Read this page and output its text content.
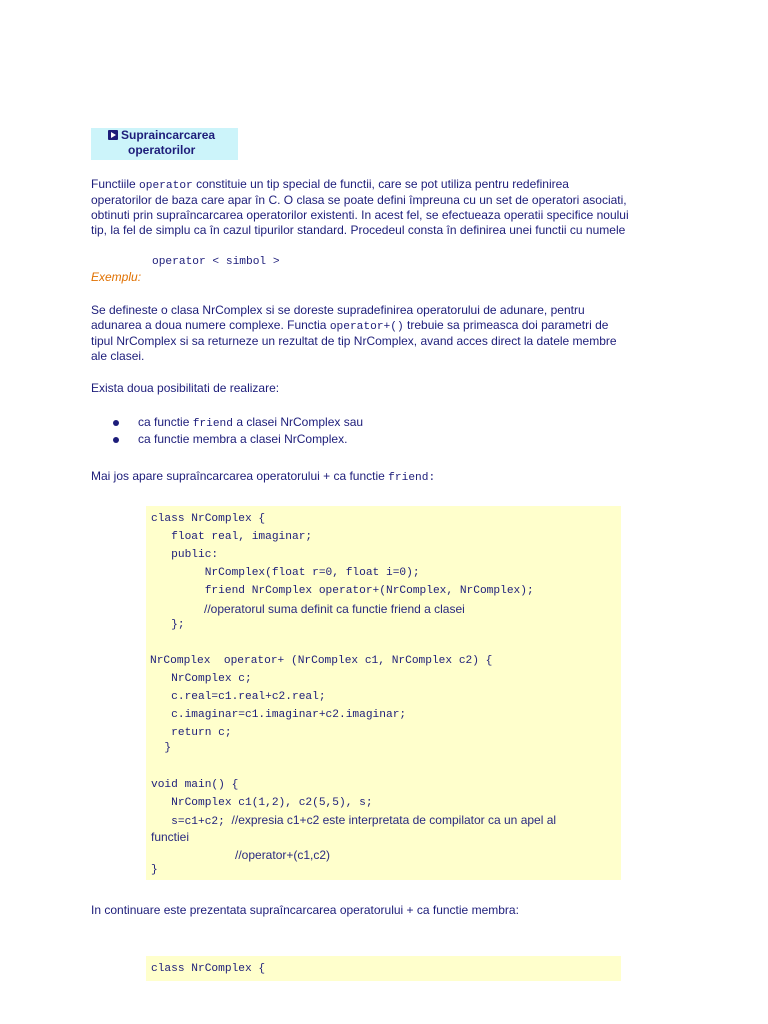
Supraincarcarea
operatorilor
Functiile operator constituie un tip special de functii, care se pot utiliza pentru redefinirea
operatorilor de baza care apar în C. O clasa se poate defini împreuna cu un set de operatori asociati,
obtinuti prin supraîncarcarea operatorilor existenti. In acest fel, se efectueaza operatii specifice noului
tip, la fel de simplu ca în cazul tipurilor standard. Procedeul consta în definirea unei functii cu numele
operator < simbol >
Exemplu:
Se defineste o clasa NrComplex si se doreste supradefinirea operatorului de adunare, pentru
adunarea a doua numere complexe. Functia operator+() trebuie sa primeasca doi parametri de
tipul NrComplex si sa returneze un rezultat de tip NrComplex, avand acces direct la datele membre
ale clasei.
Exista doua posibilitati de realizare:
ca functie friend a clasei NrComplex sau
ca functie membra a clasei NrComplex.
Mai jos apare supraîncarcarea operatorului + ca functie friend:
class NrComplex {
float real, imaginar;
public:
NrComplex(float r=0, float i=0);
friend NrComplex operator+(NrComplex, NrComplex);
//operatorul suma definit ca functie friend a clasei
};
NrComplex  operator+ (NrComplex c1, NrComplex c2) {
NrComplex c;
c.real=c1.real+c2.real;
c.imaginar=c1.imaginar+c2.imaginar;
return c;
}
void main() {
NrComplex c1(1,2), c2(5,5), s;
s=c1+c2;  //expresia c1+c2 este interpretata de compilator ca un apel al
functiei
//operator+(c1,c2)
}
In continuare este prezentata supraîncarcarea operatorului + ca functie membra:
class NrComplex {
